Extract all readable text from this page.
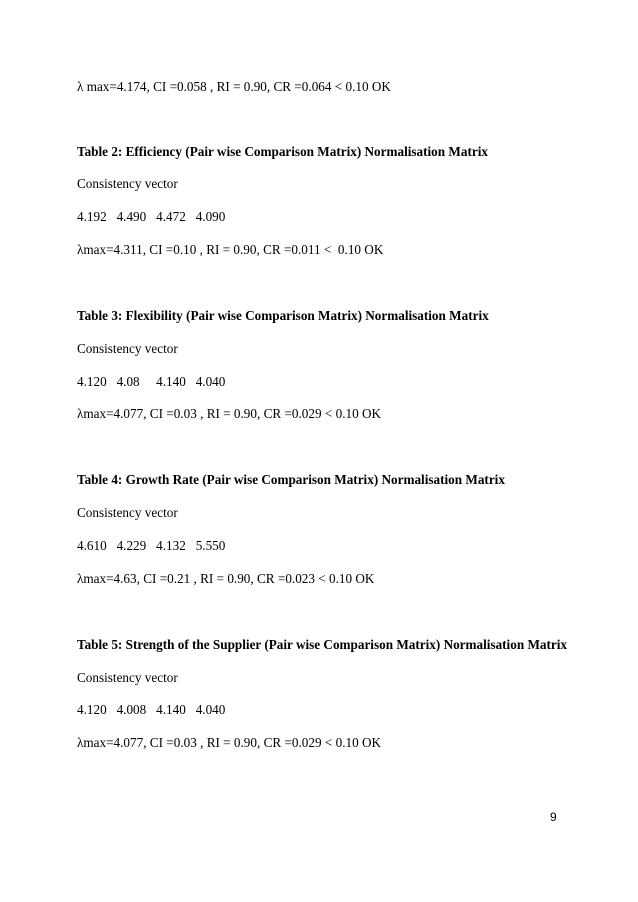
λ max=4.174, CI =0.058 , RI = 0.90, CR =0.064 < 0.10 OK
Table 2: Efficiency (Pair wise Comparison Matrix) Normalisation Matrix
Consistency vector
4.192   4.490   4.472   4.090
λmax=4.311, CI =0.10 , RI = 0.90, CR =0.011 <  0.10 OK
Table 3: Flexibility (Pair wise Comparison Matrix) Normalisation Matrix
Consistency vector
4.120   4.08     4.140   4.040
λmax=4.077, CI =0.03 , RI = 0.90, CR =0.029 < 0.10 OK
Table 4: Growth Rate (Pair wise Comparison Matrix) Normalisation Matrix
Consistency vector
4.610   4.229   4.132   5.550
λmax=4.63, CI =0.21 , RI = 0.90, CR =0.023 < 0.10 OK
Table 5: Strength of the Supplier (Pair wise Comparison Matrix) Normalisation Matrix
Consistency vector
4.120   4.008   4.140   4.040
λmax=4.077, CI =0.03 , RI = 0.90, CR =0.029 < 0.10 OK
9
